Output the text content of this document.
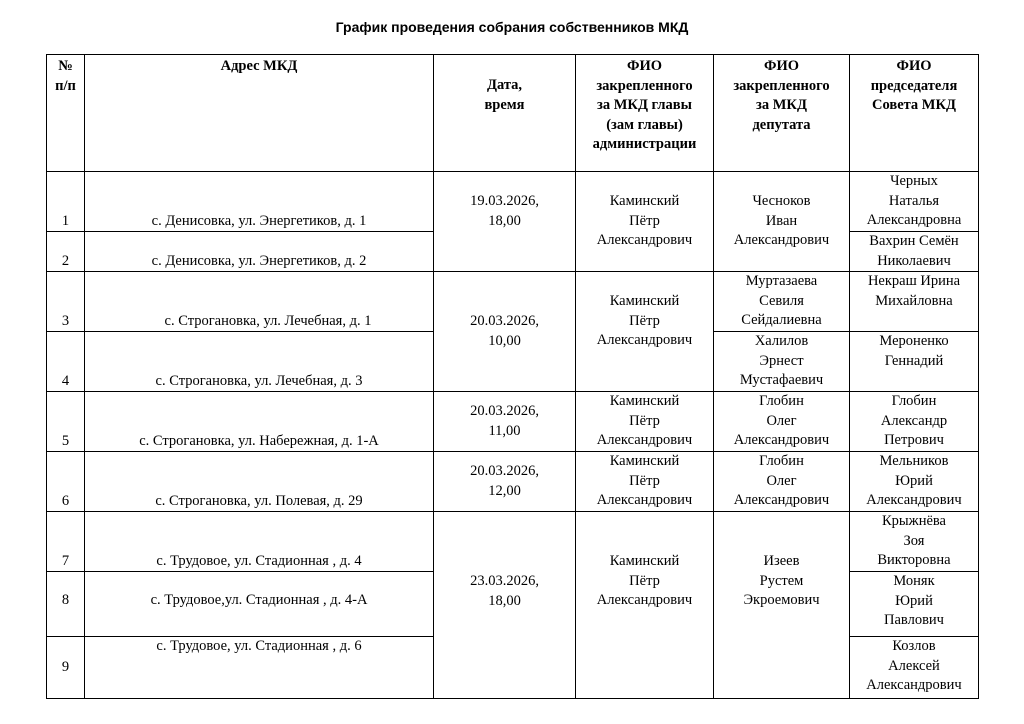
График проведения собрания собственников МКД
№
п/п	Адрес МКД	Дата,
время	ФИО
закрепленного
за МКД главы
(зам главы)
администрации	ФИО
закрепленного
за МКД
депутата	ФИО
председателя
Совета МКД

1	с. Денисовка, ул. Энергетиков, д. 1	19.03.2026,
18,00	Каминский
Пётр
Александрович	Чесноков
Иван
Александрович	Черных
Наталья
Александровна

2	с. Денисовка, ул. Энергетиков, д. 2				Вахрин Семён
Николаевич

3	с. Строгановка, ул. Лечебная, д. 1	20.03.2026,
10,00	Каминский
Пётр
Александрович	Муртазаева
Севиля
Сейдалиевна	Некраш Ирина
Михайловна

4	с. Строгановка, ул. Лечебная, д. 3			Халилов
Эрнест
Мустафаевич	Мероненко
Геннадий

5	с. Строгановка, ул. Набережная, д. 1-А	20.03.2026,
11,00	Каминский
Пётр
Александрович	Глобин
Олег
Александрович	Глобин
Александр
Петрович

6	с. Строгановка, ул. Полевая, д. 29	20.03.2026,
12,00	Каминский
Пётр
Александрович	Глобин
Олег
Александрович	Мельников
Юрий
Александрович

7	с. Трудовое, ул. Стадионная , д. 4	23.03.2026,
18,00	Каминский
Пётр
Александрович	Изеев
Рустем
Экроемович	Крыжнёва
Зоя
Викторовна

8	с. Трудовое,ул. Стадионная , д. 4-А				Моняк
Юрий
Павлович

9	с. Трудовое, ул. Стадионная , д. 6				Козлов
Алексей
Александрович
